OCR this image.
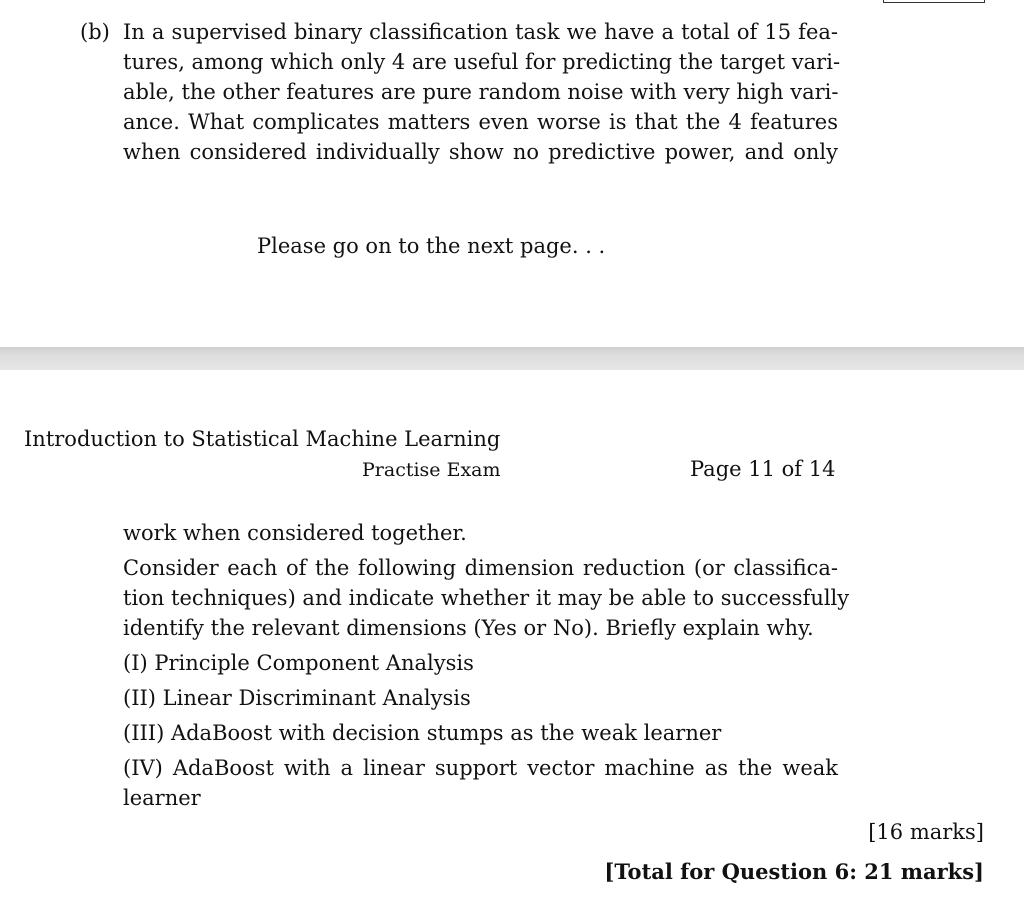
(b) In a supervised binary classification task we have a total of 15 fea-
tures, among which only 4 are useful for predicting the target vari-
able, the other features are pure random noise with very high vari-
ance. What complicates matters even worse is that the 4 features
when considered individually show no predictive power, and only
Please go on to the next page. . .
Introduction to Statistical Machine Learning
Practise Exam	Page 11 of 14
work when considered together.
Consider each of the following dimension reduction (or classifica-
tion techniques) and indicate whether it may be able to successfully
identify the relevant dimensions (Yes or No). Briefly explain why.
(I) Principle Component Analysis
(II) Linear Discriminant Analysis
(III) AdaBoost with decision stumps as the weak learner
(IV) AdaBoost with a linear support vector machine as the weak
learner
[16 marks]
[Total for Question 6: 21 marks]
